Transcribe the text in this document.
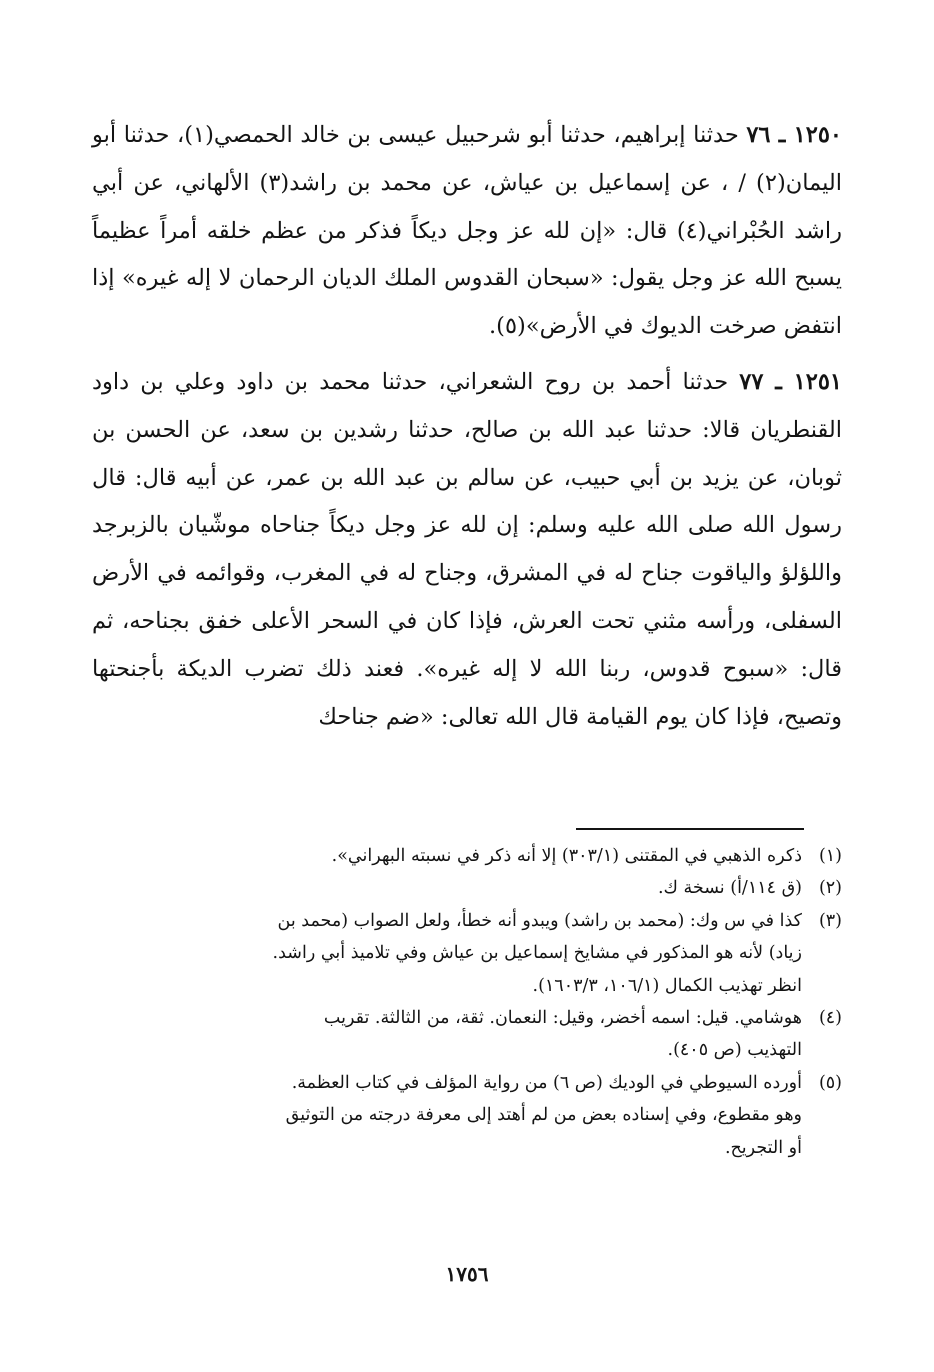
١٢٥٠ ـ ٧٦ حدثنا إبراهيم، حدثنا أبو شرحبيل عيسى بن خالد الحمصي(١)، حدثنا أبو اليمان(٢) / ، عن إسماعيل بن عياش، عن محمد بن راشد(٣) الألهاني، عن أبي راشد الحُبْراني(٤) قال: «إن لله عز وجل ديكاً فذكر من عظم خلقه أمراً عظيماً يسبح الله عز وجل يقول: «سبحان القدوس الملك الديان الرحمان لا إله غيره» إذا انتفض صرخت الديوك في الأرض»(٥).

١٢٥١ ـ ٧٧ حدثنا أحمد بن روح الشعراني، حدثنا محمد بن داود وعلي بن داود القنطريان قالا: حدثنا عبد الله بن صالح، حدثنا رشدين بن سعد، عن الحسن بن ثوبان، عن يزيد بن أبي حبيب، عن سالم بن عبد الله بن عمر، عن أبيه قال: قال رسول الله صلى الله عليه وسلم: إن لله عز وجل ديكاً جناحاه موشّيان بالزبرجد واللؤلؤ والياقوت جناح له في المشرق، وجناح له في المغرب، وقوائمه في الأرض السفلى، ورأسه مثني تحت العرش، فإذا كان في السحر الأعلى خفق بجناحه، ثم قال: «سبوح قدوس، ربنا الله لا إله غيره». فعند ذلك تضرب الديكة بأجنحتها وتصيح، فإذا كان يوم القيامة قال الله تعالى: «ضم جناحك

(١)
ذكره الذهبي في المقتنى (٣٠٣/١) إلا أنه ذكر في نسبته البهراني».
(٢)
(ق ١١٤/أ) نسخة ك.
(٣)
كذا في س وك: (محمد بن راشد) ويبدو أنه خطأ، ولعل الصواب (محمد بن
زياد) لأنه هو المذكور في مشايخ إسماعيل بن عياش وفي تلاميذ أبي راشد.
انظر تهذيب الكمال (١٠٦/١، ١٦٠٣/٣).
(٤)
هوشامي. قيل: اسمه أخضر، وقيل: النعمان. ثقة، من الثالثة. تقريب
التهذيب (ص ٤٠٥).
(٥)
أورده السيوطي في الوديك (ص ٦) من رواية المؤلف في كتاب العظمة.
وهو مقطوع، وفي إسناده بعض من لم أهتد إلى معرفة درجته من التوثيق
أو التجريح.
١٧٥٦
